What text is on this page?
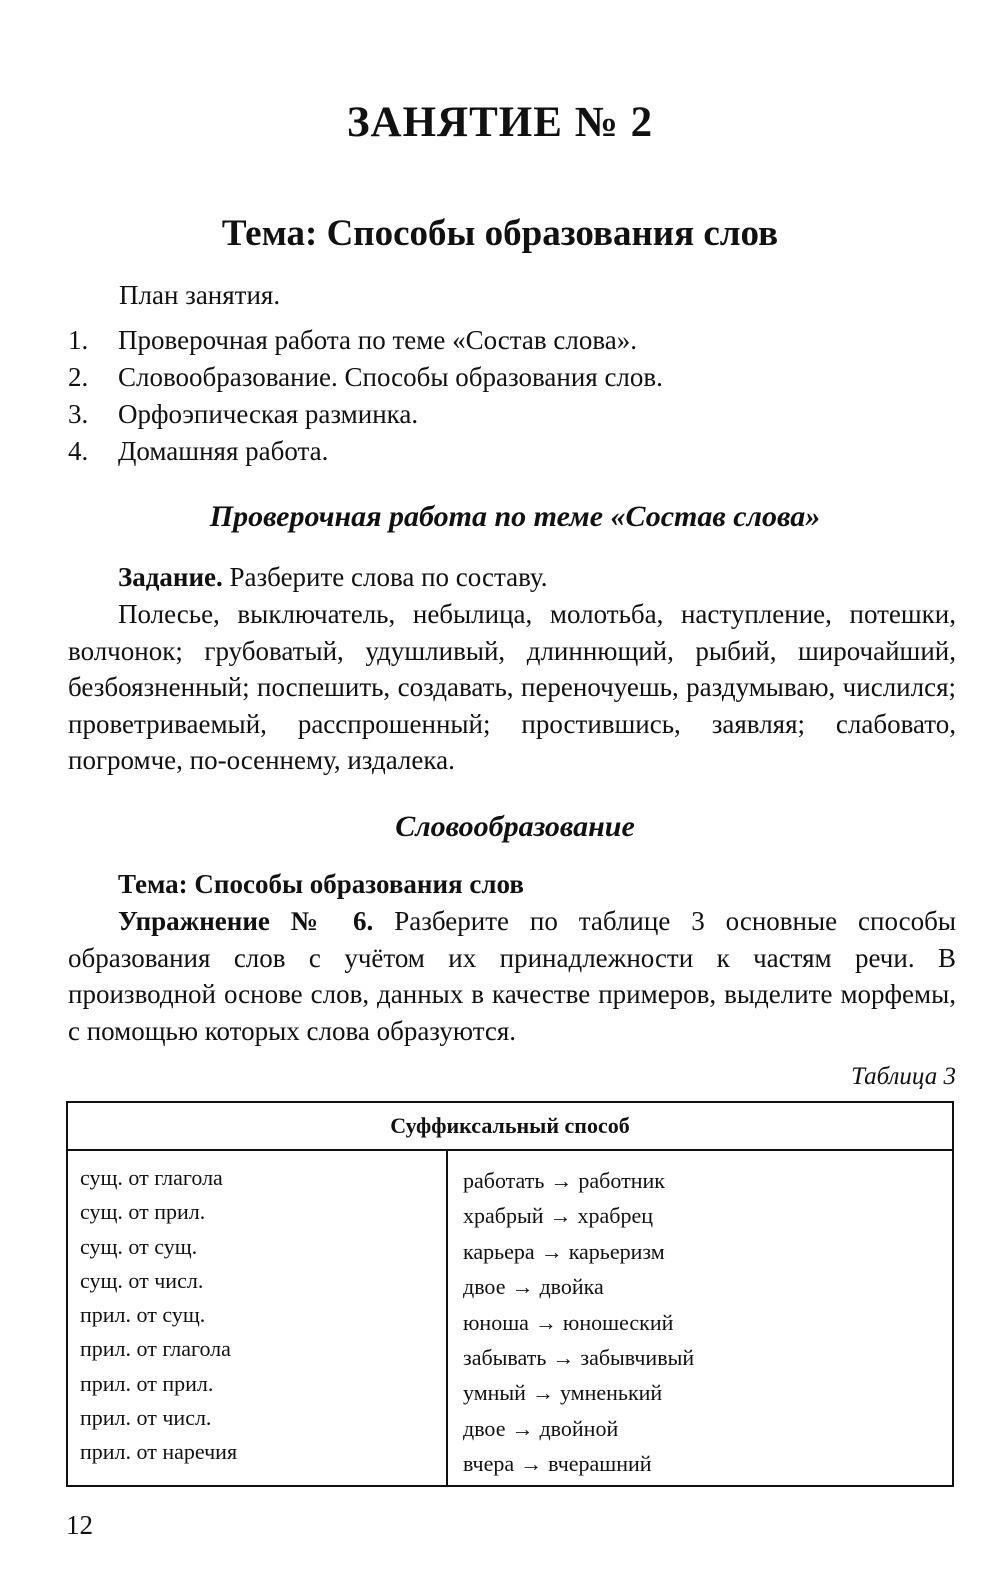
ЗАНЯТИЕ № 2
Тема: Способы образования слов
План занятия.
1. Проверочная работа по теме «Состав слова».
2. Словообразование. Способы образования слов.
3. Орфоэпическая разминка.
4. Домашняя работа.
Проверочная работа по теме «Состав слова»
Задание. Разберите слова по составу.
Полесье, выключатель, небылица, молотьба, наступление, потешки, волчонок; грубоватый, удушливый, длиннющий, рыбий, широчайший, безбоязненный; поспешить, создавать, переночуешь, раздумываю, числился; проветриваемый, расспрошенный; простившись, заявляя; слабовато, погромче, по-осеннему, издалека.
Словообразование
Тема: Способы образования слов
Упражнение № 6. Разберите по таблице 3 основные способы образования слов с учётом их принадлежности к частям речи. В производной основе слов, данных в качестве примеров, выделите морфемы, с помощью которых слова образуются.
Таблица 3
Суффиксальный способ
сущ. от глагола
сущ. от прил.
сущ. от сущ.
сущ. от числ.
прил. от сущ.
прил. от глагола
прил. от прил.
прил. от числ.
прил. от наречия
работать → работник
храбрый → храбрец
карьера → карьеризм
двое → двойка
юноша → юношеский
забывать → забывчивый
умный → умненький
двое → двойной
вчера → вчерашний
12
